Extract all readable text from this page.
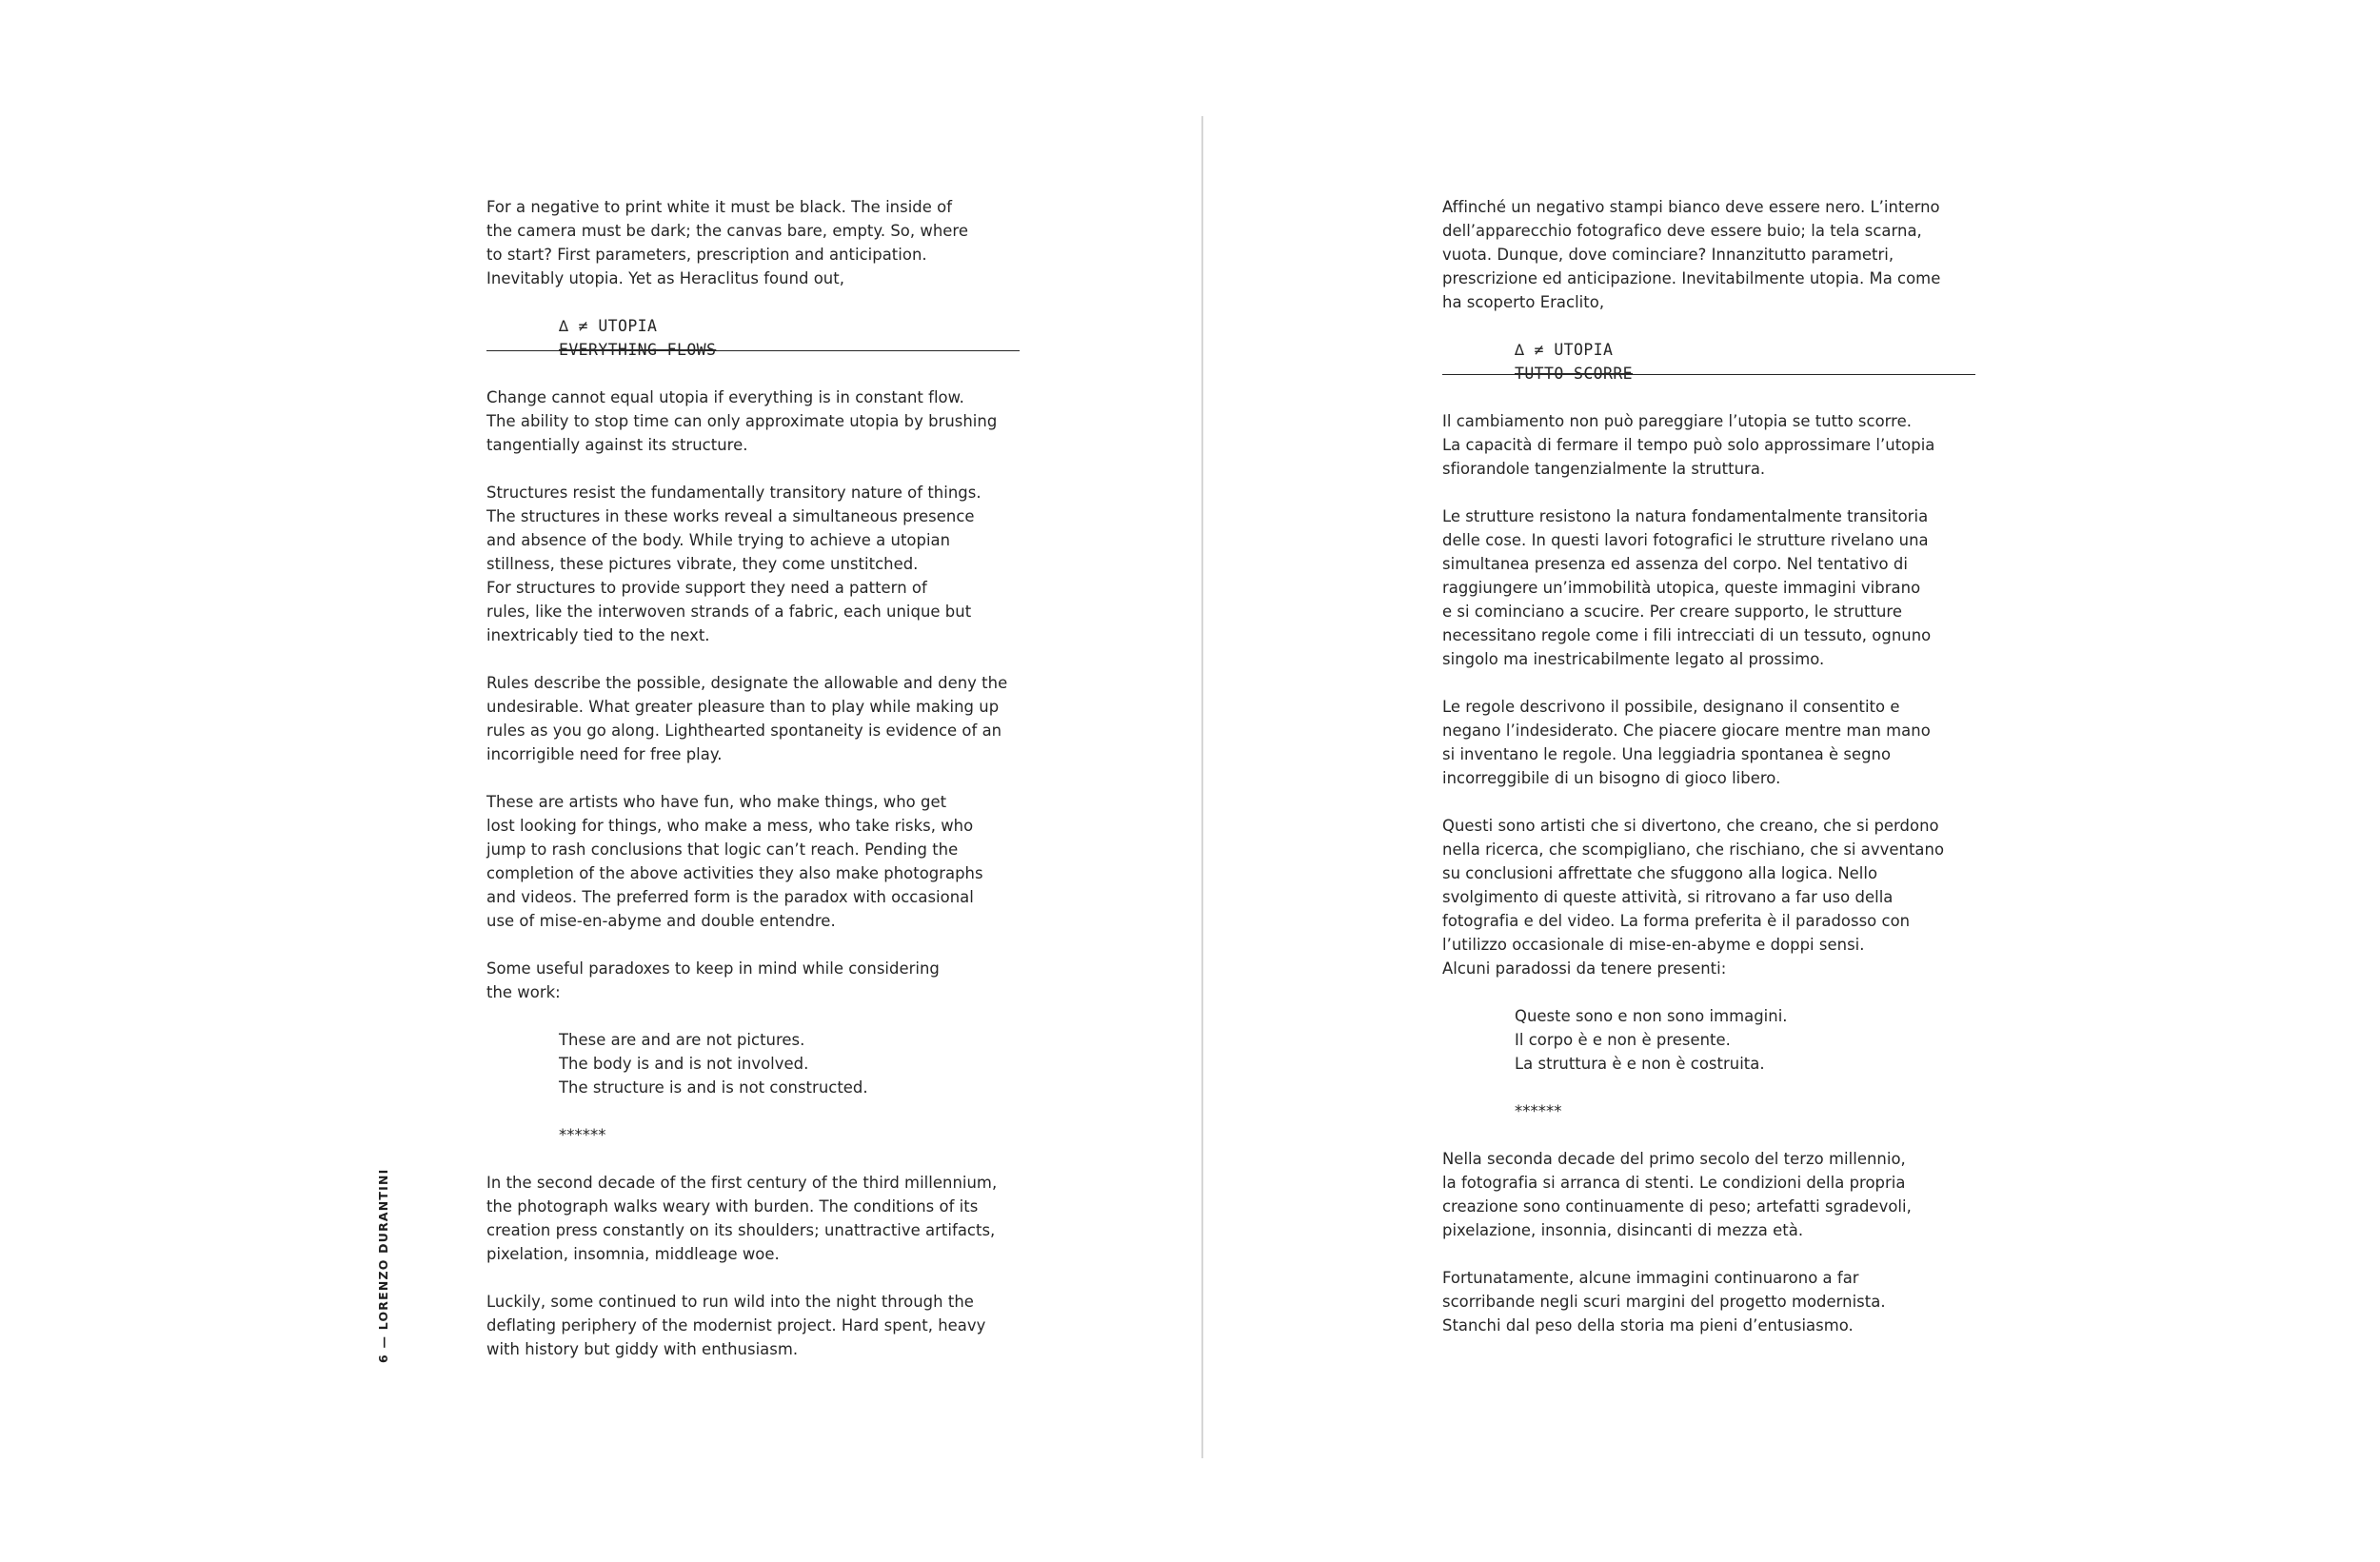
6 — LORENZO DURANTINI
For a negative to print white it must be black. The inside of
the camera must be dark; the canvas bare, empty. So, where
to start? First parameters, prescription and anticipation.
Inevitably utopia. Yet as Heraclitus found out,
∆ ≠ UTOPIA
EVERYTHING FLOWS
Change cannot equal utopia if everything is in constant flow.
The ability to stop time can only approximate utopia by brushing
tangentially against its structure.
Structures resist the fundamentally transitory nature of things.
The structures in these works reveal a simultaneous presence
and absence of the body. While trying to achieve a utopian
stillness, these pictures vibrate, they come unstitched.
For structures to provide support they need a pattern of
rules, like the interwoven strands of a fabric, each unique but
inextricably tied to the next.
Rules describe the possible, designate the allowable and deny the
undesirable. What greater pleasure than to play while making up
rules as you go along. Lighthearted spontaneity is evidence of an
incorrigible need for free play.
These are artists who have fun, who make things, who get
lost looking for things, who make a mess, who take risks, who
jump to rash conclusions that logic can’t reach. Pending the
completion of the above activities they also make photographs
and videos. The preferred form is the paradox with occasional
use of mise-en-abyme and double entendre.
Some useful paradoxes to keep in mind while considering
the work:
These are and are not pictures.
The body is and is not involved.
The structure is and is not constructed.
******
In the second decade of the first century of the third millennium,
the photograph walks weary with burden. The conditions of its
creation press constantly on its shoulders; unattractive artifacts,
pixelation, insomnia, middleage woe.
Luckily, some continued to run wild into the night through the
deflating periphery of the modernist project. Hard spent, heavy
with history but giddy with enthusiasm.
Affinché un negativo stampi bianco deve essere nero. L’interno
dell’apparecchio fotografico deve essere buio; la tela scarna,
vuota. Dunque, dove cominciare? Innanzitutto parametri,
prescrizione ed anticipazione. Inevitabilmente utopia. Ma come
ha scoperto Eraclito,
∆ ≠ UTOPIA
TUTTO SCORRE
Il cambiamento non può pareggiare l’utopia se tutto scorre.
La capacità di fermare il tempo può solo approssimare l’utopia
sfiorandole tangenzialmente la struttura.
Le strutture resistono la natura fondamentalmente transitoria
delle cose. In questi lavori fotografici le strutture rivelano una
simultanea presenza ed assenza del corpo. Nel tentativo di
raggiungere un’immobilità utopica, queste immagini vibrano
e si cominciano a scucire. Per creare supporto, le strutture
necessitano regole come i fili intrecciati di un tessuto, ognuno
singolo ma inestricabilmente legato al prossimo.
Le regole descrivono il possibile, designano il consentito e
negano l’indesiderato. Che piacere giocare mentre man mano
si inventano le regole. Una leggiadria spontanea è segno
incorreggibile di un bisogno di gioco libero.
Questi sono artisti che si divertono, che creano, che si perdono
nella ricerca, che scompigliano, che rischiano, che si avventano
su conclusioni affrettate che sfuggono alla logica. Nello
svolgimento di queste attività, si ritrovano a far uso della
fotografia e del video. La forma preferita è il paradosso con
l’utilizzo occasionale di mise-en-abyme e doppi sensi.
Alcuni paradossi da tenere presenti:
Queste sono e non sono immagini.
Il corpo è e non è presente.
La struttura è e non è costruita.
******
Nella seconda decade del primo secolo del terzo millennio,
la fotografia si arranca di stenti. Le condizioni della propria
creazione sono continuamente di peso; artefatti sgradevoli,
pixelazione, insonnia, disincanti di mezza età.
Fortunatamente, alcune immagini continuarono a far
scorribande negli scuri margini del progetto modernista.
Stanchi dal peso della storia ma pieni d’entusiasmo.
